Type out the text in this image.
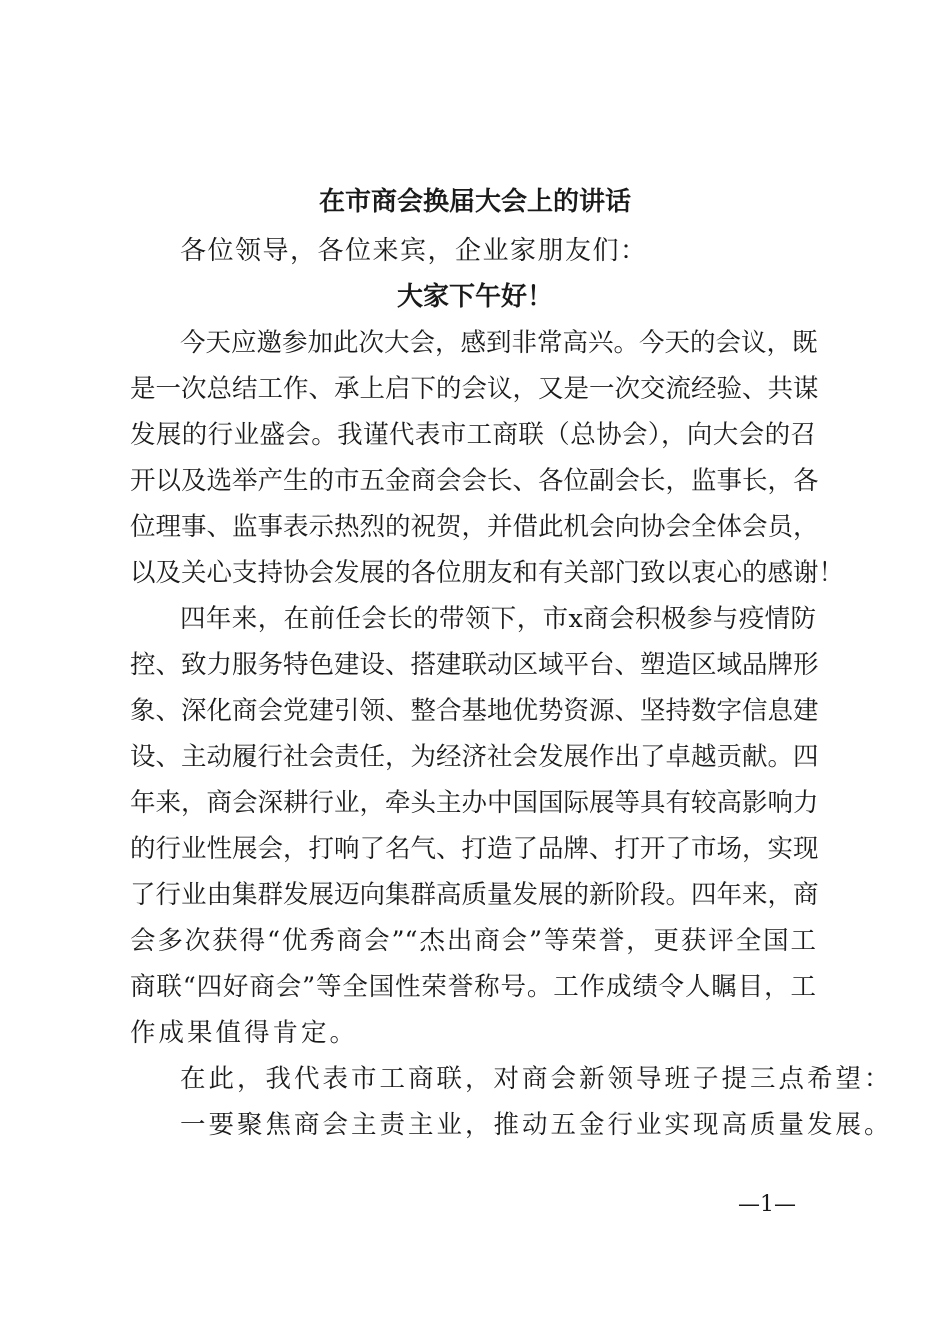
在市商会换届大会上的讲话
各位领导，各位来宾，企业家朋友们：
大家下午好！
今天应邀参加此次大会，感到非常高兴。今天的会议，既
是一次总结工作、承上启下的会议，又是一次交流经验、共谋
发展的行业盛会。我谨代表市工商联（总协会），向大会的召
开以及选举产生的市五金商会会长、各位副会长，监事长，各
位理事、监事表示热烈的祝贺，并借此机会向协会全体会员，
以及关心支持协会发展的各位朋友和有关部门致以衷心的感谢！
四年来，在前任会长的带领下，市x商会积极参与疫情防
控、致力服务特色建设、搭建联动区域平台、塑造区域品牌形
象、深化商会党建引领、整合基地优势资源、坚持数字信息建
设、主动履行社会责任，为经济社会发展作出了卓越贡献。四
年来，商会深耕行业，牵头主办中国国际展等具有较高影响力
的行业性展会，打响了名气、打造了品牌、打开了市场，实现
了行业由集群发展迈向集群高质量发展的新阶段。四年来，商
会多次获得“优秀商会”“杰出商会”等荣誉，更获评全国工
商联“四好商会”等全国性荣誉称号。工作成绩令人瞩目，工
作成果值得肯定。
在此，我代表市工商联，对商会新领导班子提三点希望：
一要聚焦商会主责主业，推动五金行业实现高质量发展。
—1—
